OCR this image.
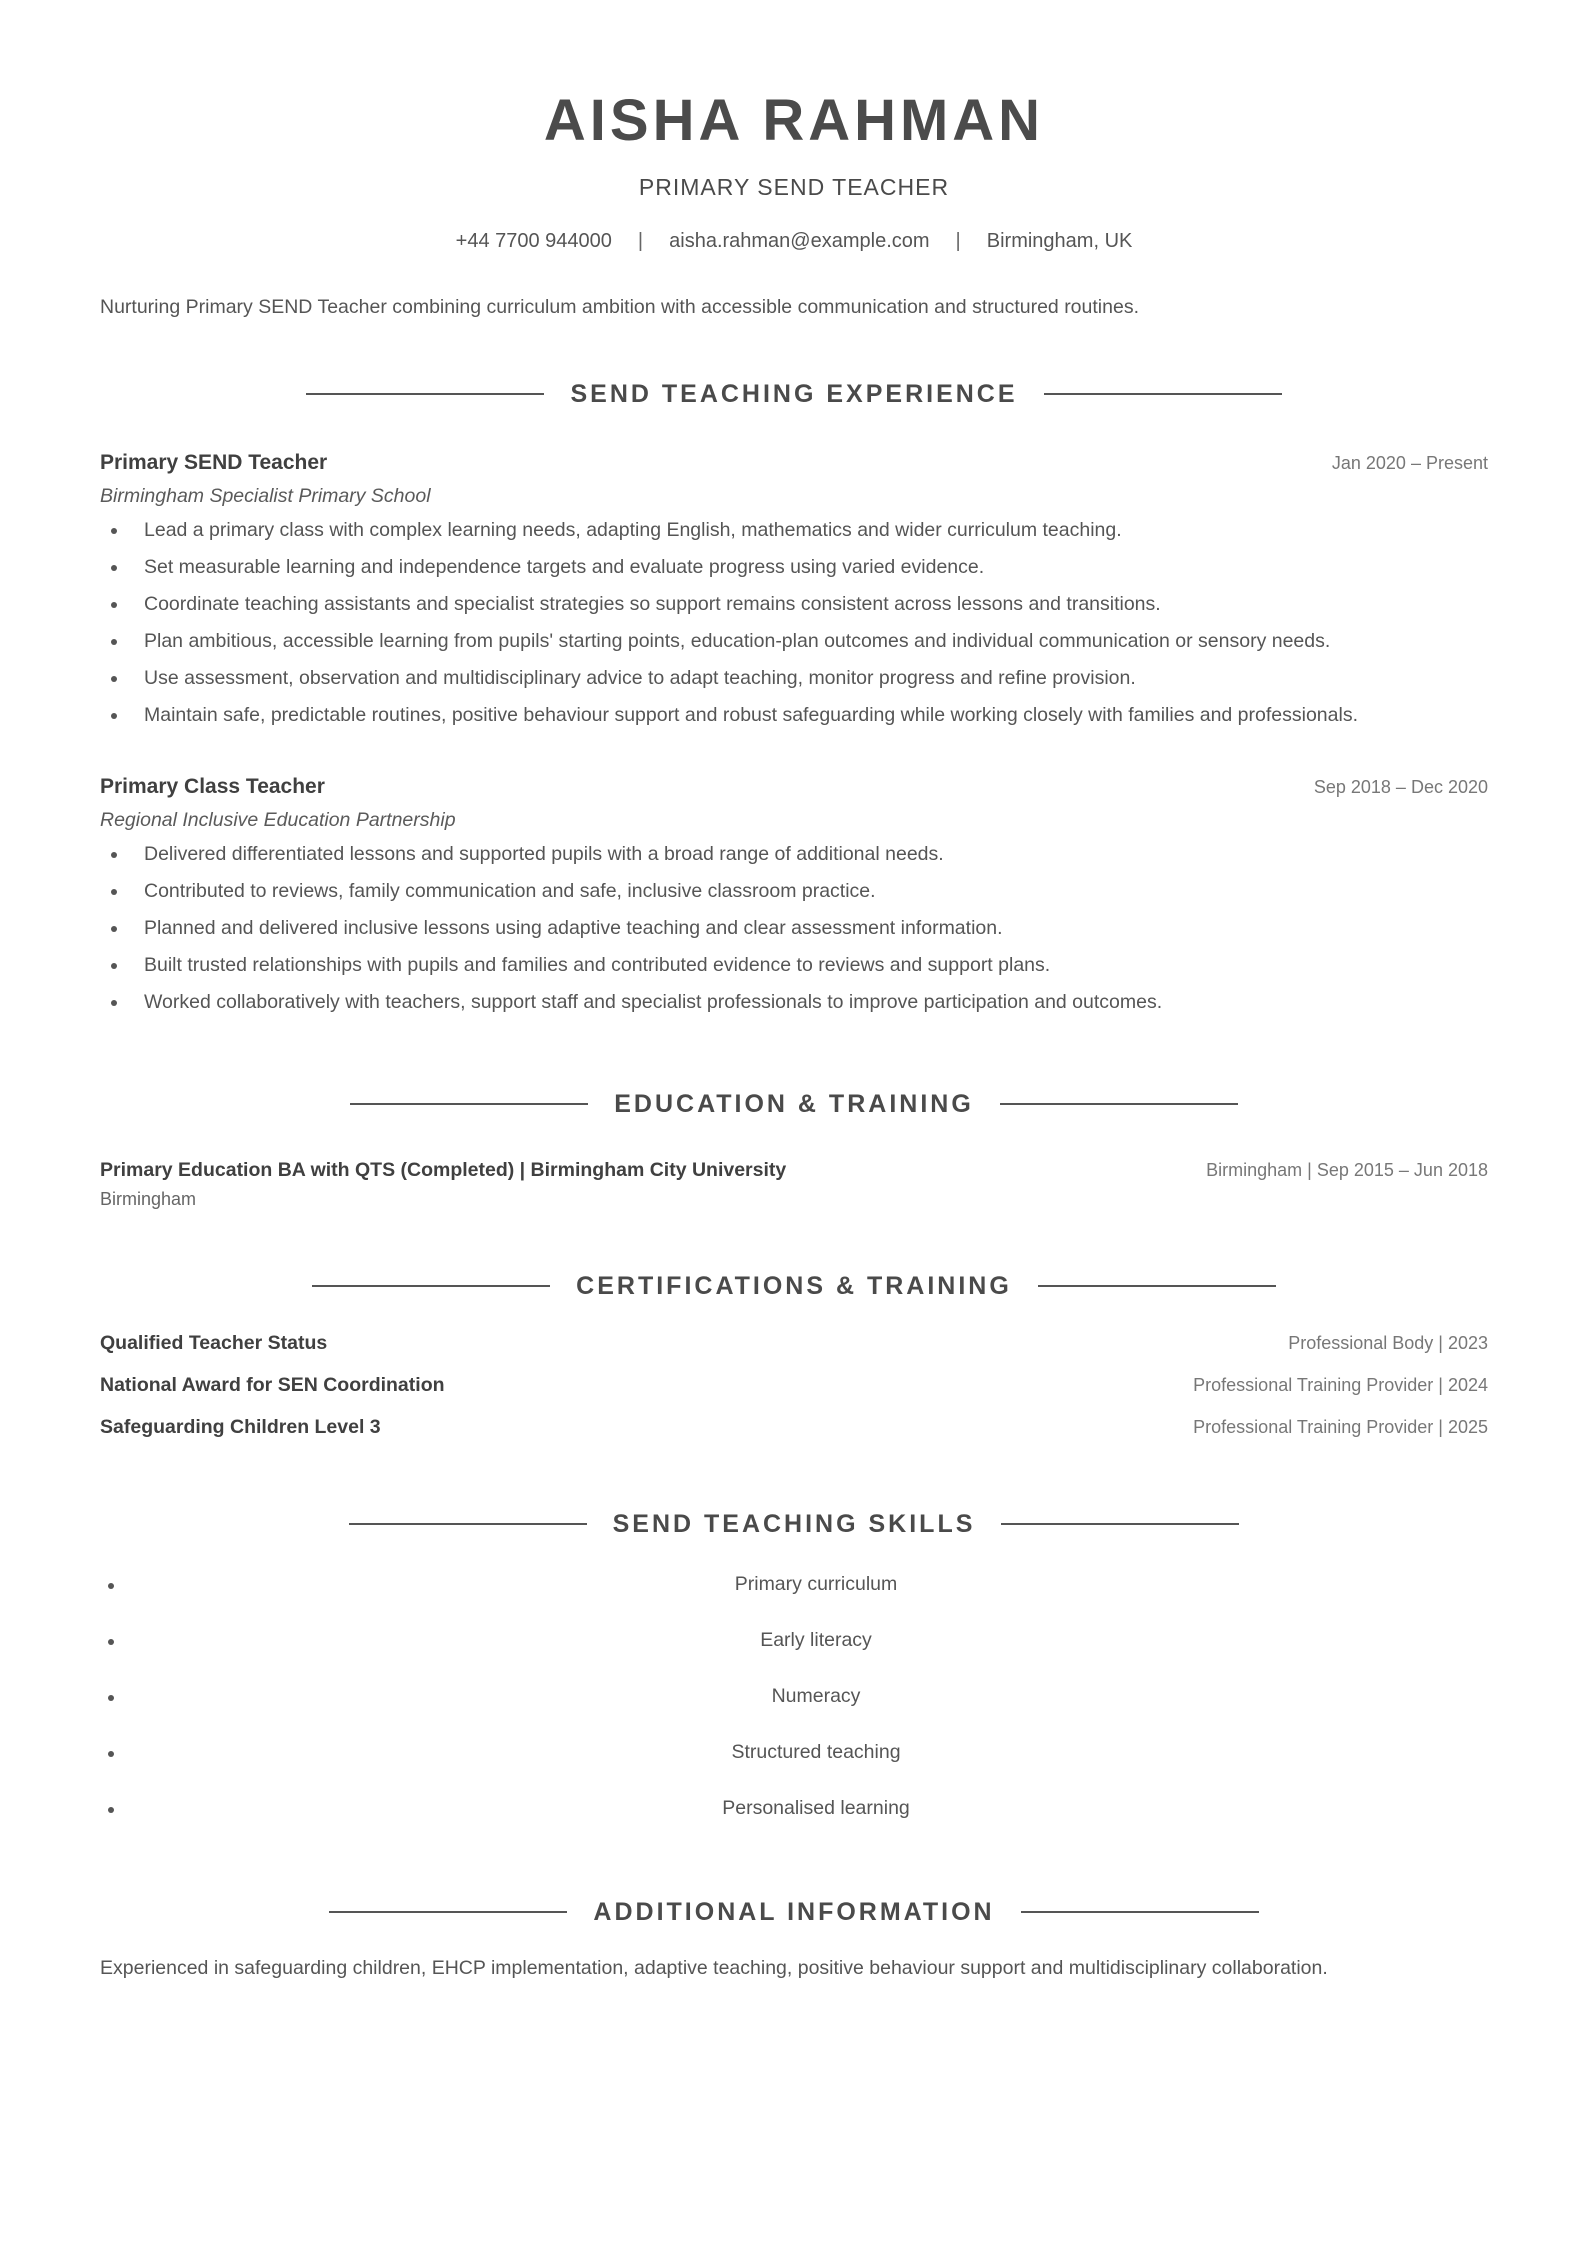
AISHA RAHMAN
PRIMARY SEND TEACHER
+44 7700 944000 | aisha.rahman@example.com | Birmingham, UK
Nurturing Primary SEND Teacher combining curriculum ambition with accessible communication and structured routines.
SEND TEACHING EXPERIENCE
Primary SEND Teacher	Jan 2020 – Present
Birmingham Specialist Primary School
Lead a primary class with complex learning needs, adapting English, mathematics and wider curriculum teaching.
Set measurable learning and independence targets and evaluate progress using varied evidence.
Coordinate teaching assistants and specialist strategies so support remains consistent across lessons and transitions.
Plan ambitious, accessible learning from pupils' starting points, education-plan outcomes and individual communication or sensory needs.
Use assessment, observation and multidisciplinary advice to adapt teaching, monitor progress and refine provision.
Maintain safe, predictable routines, positive behaviour support and robust safeguarding while working closely with families and professionals.
Primary Class Teacher	Sep 2018 – Dec 2020
Regional Inclusive Education Partnership
Delivered differentiated lessons and supported pupils with a broad range of additional needs.
Contributed to reviews, family communication and safe, inclusive classroom practice.
Planned and delivered inclusive lessons using adaptive teaching and clear assessment information.
Built trusted relationships with pupils and families and contributed evidence to reviews and support plans.
Worked collaboratively with teachers, support staff and specialist professionals to improve participation and outcomes.
EDUCATION & TRAINING
Primary Education BA with QTS (Completed) | Birmingham City University	Birmingham | Sep 2015 – Jun 2018
Birmingham
CERTIFICATIONS & TRAINING
Qualified Teacher Status	Professional Body | 2023
National Award for SEN Coordination	Professional Training Provider | 2024
Safeguarding Children Level 3	Professional Training Provider | 2025
SEND TEACHING SKILLS
Primary curriculum
Early literacy
Numeracy
Structured teaching
Personalised learning
ADDITIONAL INFORMATION
Experienced in safeguarding children, EHCP implementation, adaptive teaching, positive behaviour support and multidisciplinary collaboration.
